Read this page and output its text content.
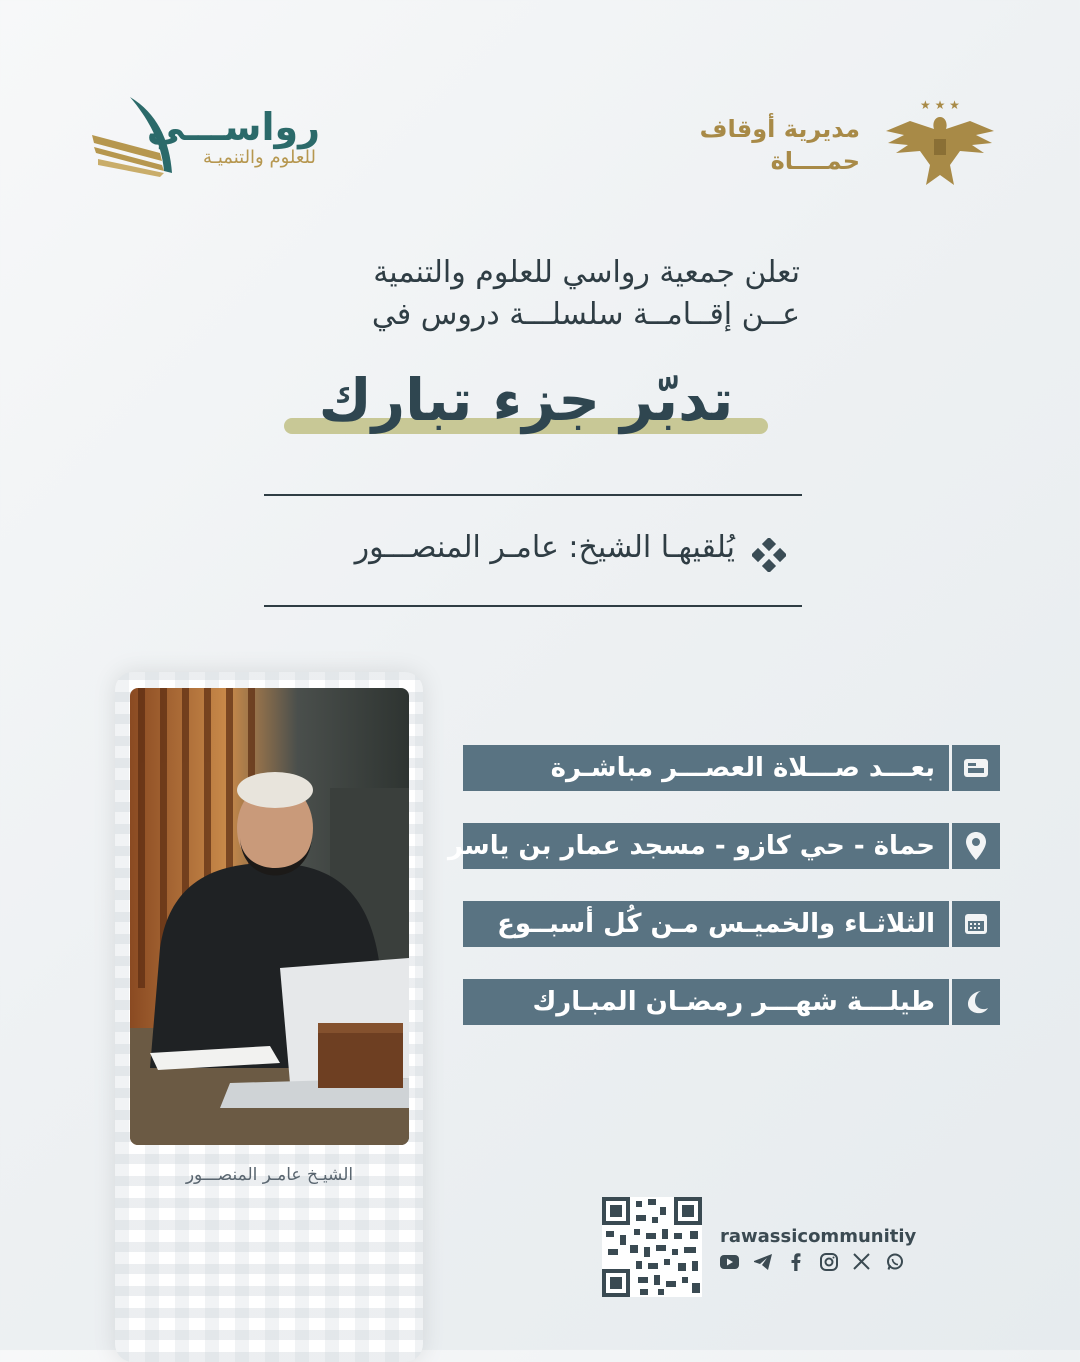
رواســـي
للعلوم والتنميـة
★ ★ ★
مديرية أوقاف
حمــــاة
تعلن جمعية رواسي للعلوم والتنمية
عــن إقــامــة سلسلـــة دروس في
تدبّر جزء تبارك
يُلقيهـا الشيخ: عامـر المنصـــور
الشيـخ عامـر المنصـــور
بعـــد صـــلاة العصـــر مباشـرة
حماة - حي كازو - مسجد عمار بن ياسر
الثلاثـاء والخميـس مـن كُل أسبــوع
طيلـــة شهـــر رمضـان المبـارك
rawassicommunitiy
